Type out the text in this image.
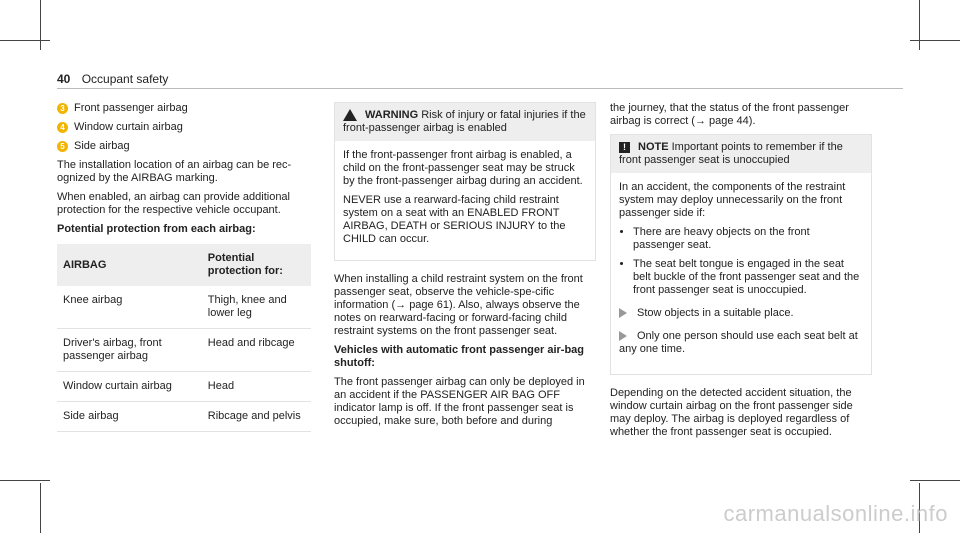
40 Occupant safety

3 Front passenger airbag

4 Window curtain airbag

5 Side airbag

The installation location of an airbag can be rec-ognized by the AIRBAG marking.

When enabled, an airbag can provide additional protection for the respective vehicle occupant.

Potential protection from each airbag:

AIRBAG	Potential protection for:
Knee airbag	Thigh, knee and lower leg
Driver's airbag, front passenger airbag	Head and ribcage
Window curtain airbag	Head
Side airbag	Ribcage and pelvis
WARNING Risk of injury or fatal injuries if the front-passenger airbag is enabled

If the front-passenger front airbag is enabled, a child on the front-passenger seat may be struck by the front-passenger airbag during an accident.

NEVER use a rearward-facing child restraint system on a seat with an ENABLED FRONT AIRBAG, DEATH or SERIOUS INJURY to the CHILD can occur.

When installing a child restraint system on the front passenger seat, observe the vehicle-spe-cific information (→ page 61). Also, always observe the notes on rearward-facing or forward-facing child restraint systems on the front passenger seat.

Vehicles with automatic front passenger air-bag shutoff:

The front passenger airbag can only be deployed in an accident if the PASSENGER AIR BAG OFF indicator lamp is off. If the front passenger seat is occupied, make sure, both before and during

the journey, that the status of the front passenger airbag is correct (→ page 44).

! NOTE Important points to remember if the front passenger seat is unoccupied

In an accident, the components of the restraint system may deploy unnecessarily on the front passenger side if:

• There are heavy objects on the front passenger seat.
• The seat belt tongue is engaged in the seat belt buckle of the front passenger seat and the front passenger seat is unoccupied.
Stow objects in a suitable place.
Only one person should use each seat belt at any one time.

Depending on the detected accident situation, the window curtain airbag on the front passenger side may deploy. The airbag is deployed regardless of whether the front passenger seat is occupied.

carmanualsonline.info
